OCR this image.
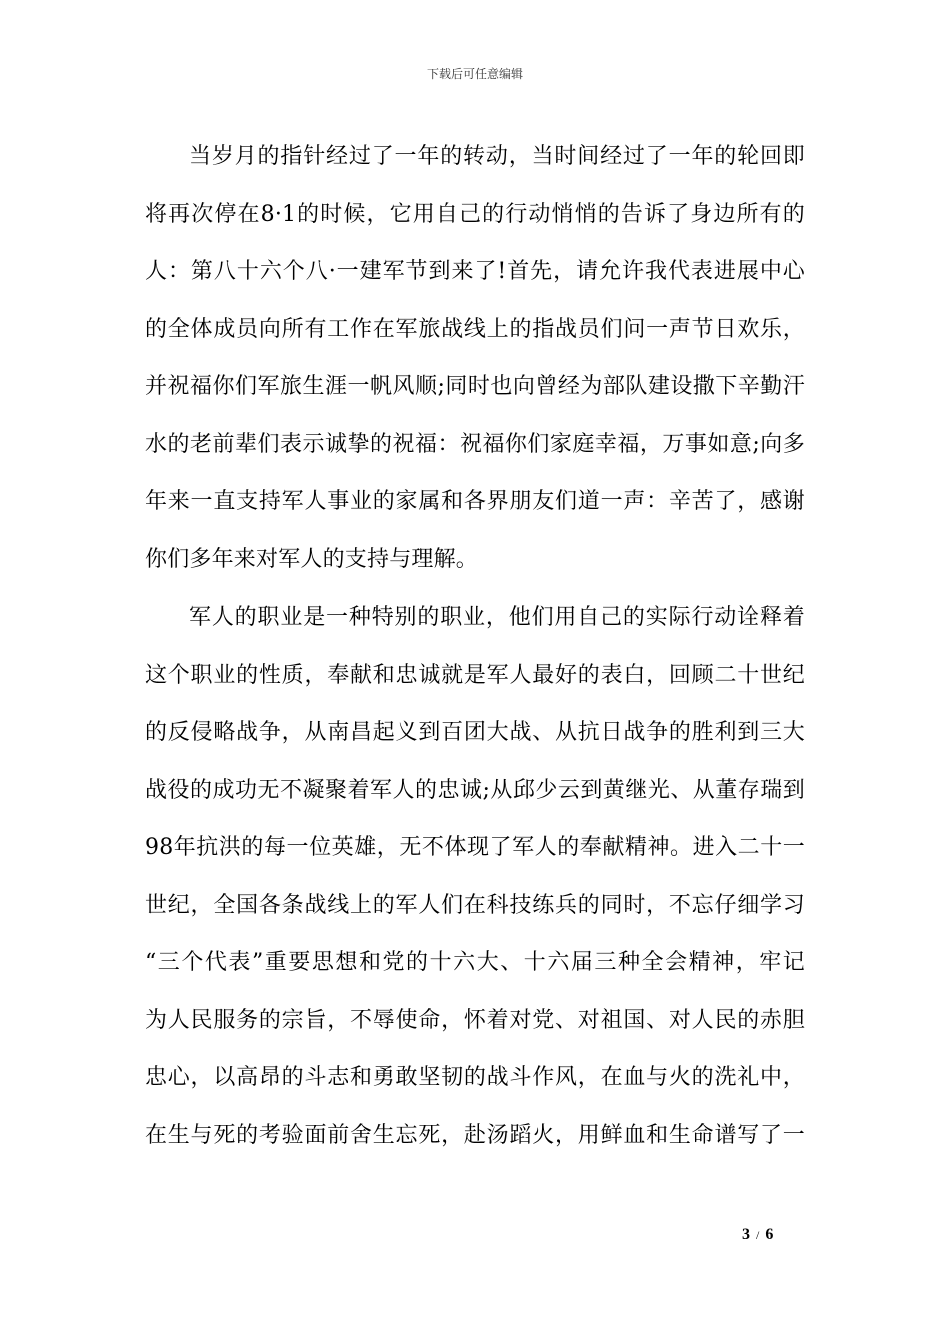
下载后可任意编辑
当岁月的指针经过了一年的转动，当时间经过了一年的轮回即
将再次停在8·1的时候，它用自己的行动悄悄的告诉了身边所有的
人：第八十六个八·一建军节到来了!首先，请允许我代表进展中心
的全体成员向所有工作在军旅战线上的指战员们问一声节日欢乐，
并祝福你们军旅生涯一帆风顺;同时也向曾经为部队建设撒下辛勤汗
水的老前辈们表示诚挚的祝福：祝福你们家庭幸福，万事如意;向多
年来一直支持军人事业的家属和各界朋友们道一声：辛苦了，感谢
你们多年来对军人的支持与理解。
军人的职业是一种特别的职业，他们用自己的实际行动诠释着
这个职业的性质，奉献和忠诚就是军人最好的表白，回顾二十世纪
的反侵略战争，从南昌起义到百团大战、从抗日战争的胜利到三大
战役的成功无不凝聚着军人的忠诚;从邱少云到黄继光、从董存瑞到
98年抗洪的每一位英雄，无不体现了军人的奉献精神。进入二十一
世纪，全国各条战线上的军人们在科技练兵的同时，不忘仔细学习
“三个代表”重要思想和党的十六大、十六届三种全会精神，牢记
为人民服务的宗旨，不辱使命，怀着对党、对祖国、对人民的赤胆
忠心，以高昂的斗志和勇敢坚韧的战斗作风，在血与火的洗礼中，
在生与死的考验面前舍生忘死，赴汤蹈火，用鲜血和生命谱写了一
3 / 6
